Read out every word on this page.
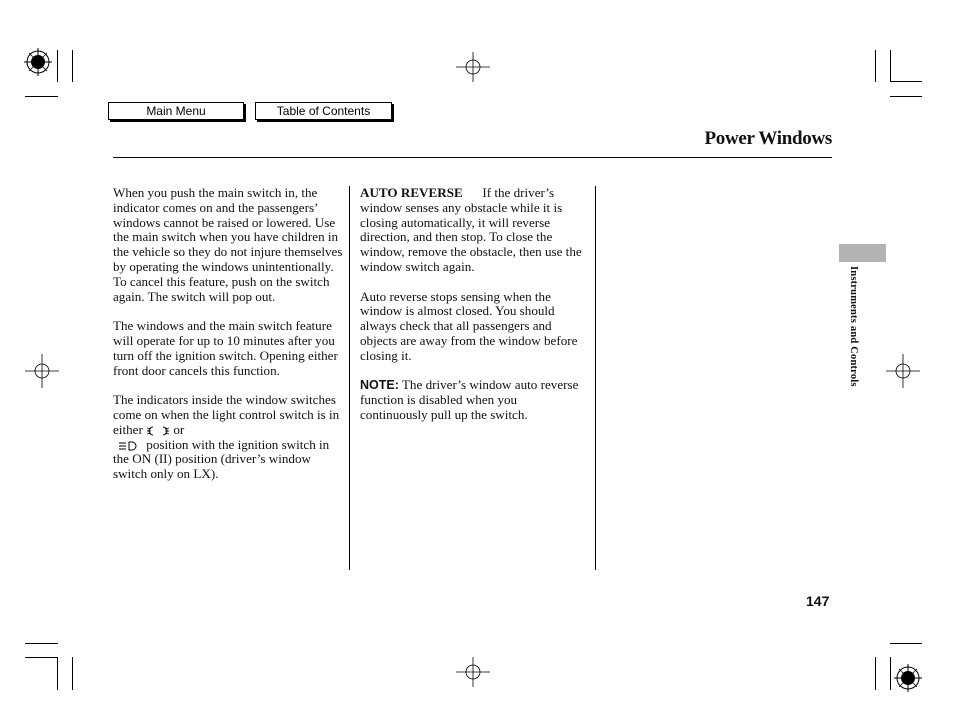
Main Menu	Table of Contents
Power Windows

When you push the main switch in, the indicator comes on and the passengers’ windows cannot be raised or lowered. Use the main switch when you have children in the vehicle so they do not injure themselves by operating the windows unintentionally. To cancel this feature, push on the switch again. The switch will pop out.

The windows and the main switch feature will operate for up to 10 minutes after you turn off the ignition switch. Opening either front door cancels this function.

The indicators inside the window switches come on when the light control switch is in either or
position with the ignition switch in the ON (II) position (driver’s window switch only on LX).

AUTO REVERSE If the driver’s window senses any obstacle while it is closing automatically, it will reverse direction, and then stop. To close the window, remove the obstacle, then use the window switch again.

Auto reverse stops sensing when the window is almost closed. You should always check that all passengers and objects are away from the window before closing it.

NOTE: The driver’s window auto reverse function is disabled when you continuously pull up the switch.

Instruments and Controls
147
